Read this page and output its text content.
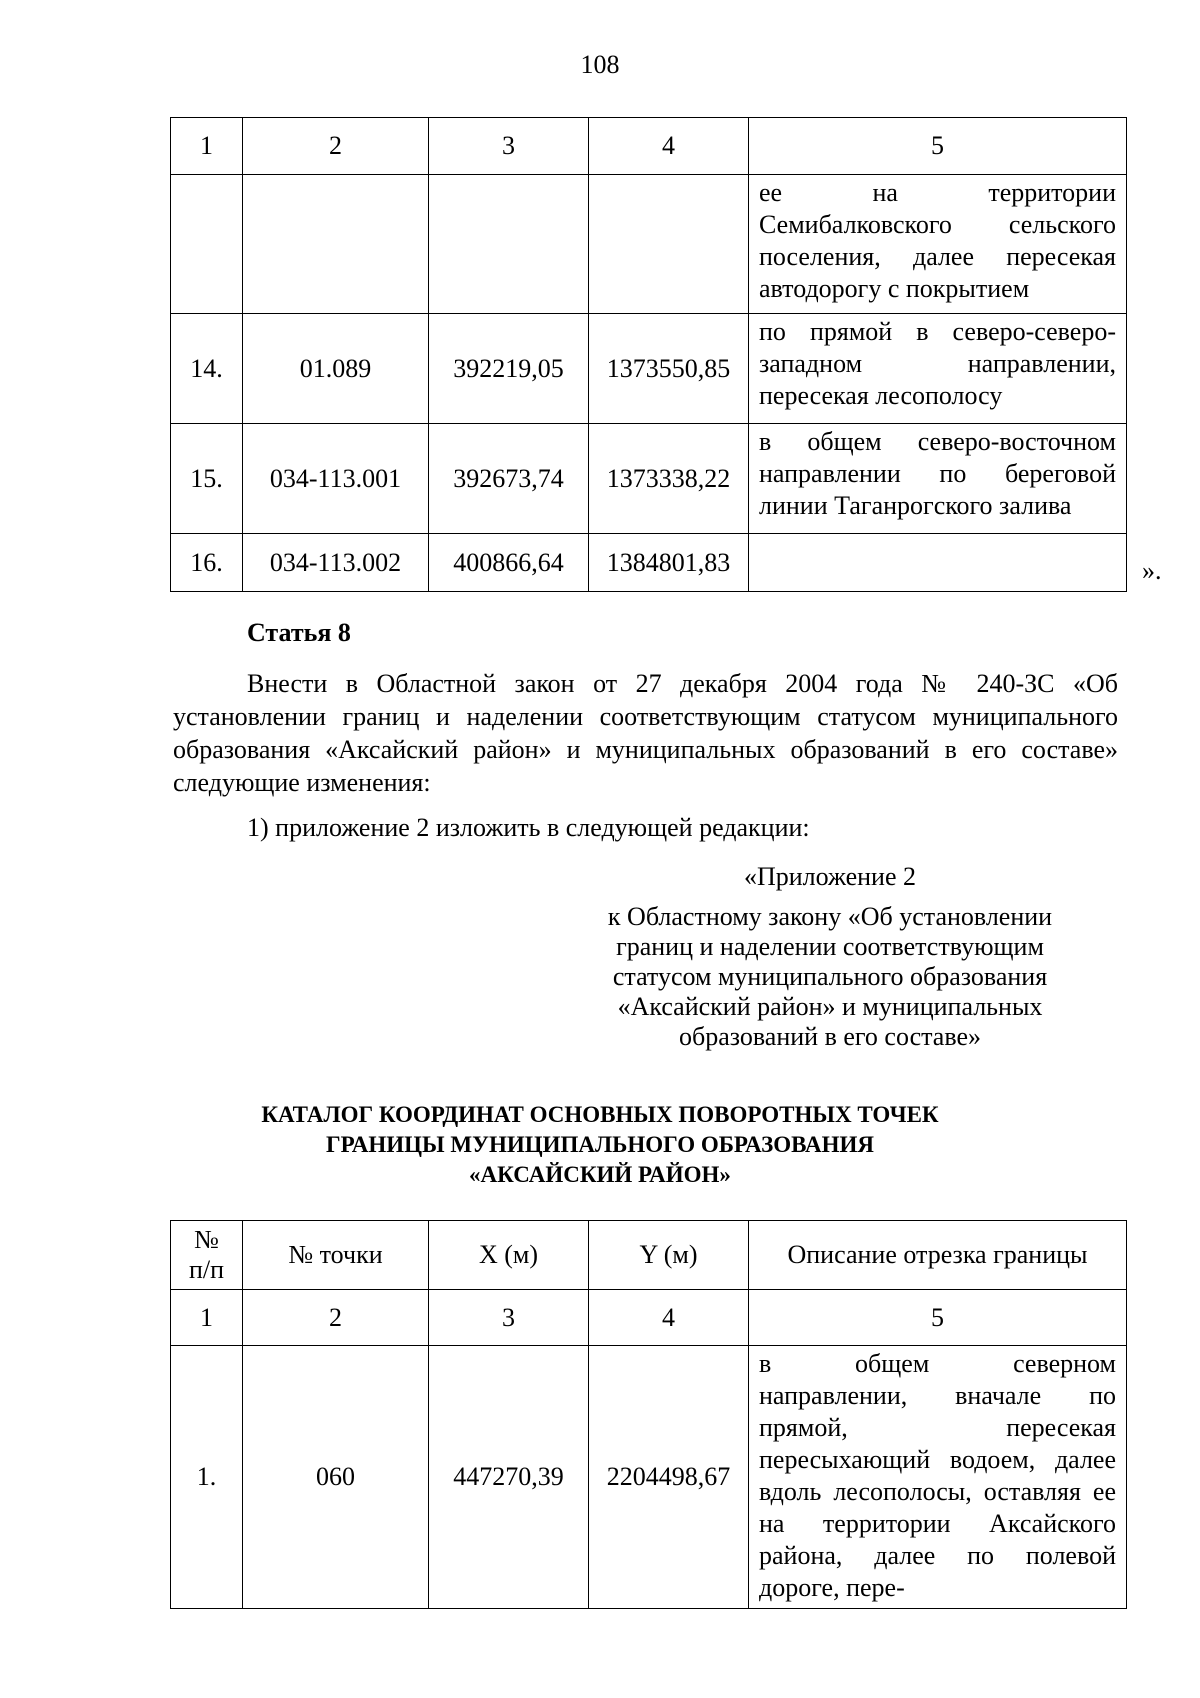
108
1	2	3	4	5
				ее на территории Семибалковского сельского поселения, далее пересекая автодорогу с покрытием
14.	01.089	392219,05	1373550,85	по прямой в северо-северо-западном направлении, пересекая лесополосу
15.	034-113.001	392673,74	1373338,22	в общем северо-восточном направлении по береговой линии Таганрогского залива
16.	034-113.002	400866,64	1384801,83		».
Статья 8

Внести в Областной закон от 27 декабря 2004 года № 240-ЗС «Об установлении границ и наделении соответствующим статусом муниципального образования «Аксайский район» и муниципальных образований в его составе» следующие изменения:

1) приложение 2 изложить в следующей редакции:

«Приложение 2
к Областному закону «Об установлении
границ и наделении соответствующим
статусом муниципального образования
«Аксайский район» и муниципальных
образований в его составе»
КАТАЛОГ КООРДИНАТ ОСНОВНЫХ ПОВОРОТНЫХ ТОЧЕК
ГРАНИЦЫ МУНИЦИПАЛЬНОГО ОБРАЗОВАНИЯ
«АКСАЙСКИЙ РАЙОН»
№
п/п	№ точки	X (м)	Y (м)	Описание отрезка границы
1	2	3	4	5
1.	060	447270,39	2204498,67	в общем северном направлении, вначале по прямой, пересекая пересыхающий водоем, далее вдоль лесополосы, оставляя ее на территории Аксайского района, далее по полевой дороге, пере-
